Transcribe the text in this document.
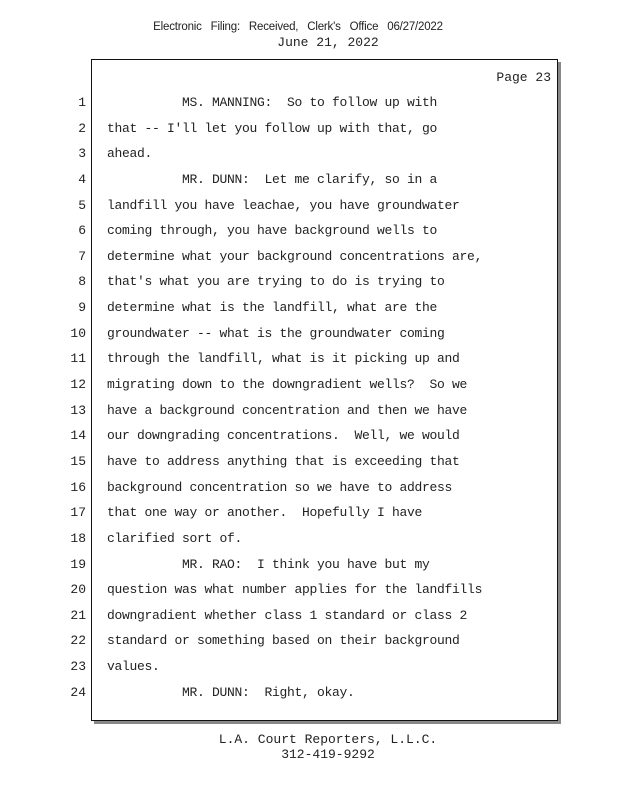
Electronic Filing: Received, Clerk's Office 06/27/2022
June 21, 2022
Page 23
1
2
3
4
5
6
7
8
9
10
11
12
13
14
15
16
17
18
19
20
21
22
23
24
MS. MANNING:  So to follow up with
that -- I'll let you follow up with that, go
ahead.
MR. DUNN:  Let me clarify, so in a
landfill you have leachae, you have groundwater
coming through, you have background wells to
determine what your background concentrations are,
that's what you are trying to do is trying to
determine what is the landfill, what are the
groundwater -- what is the groundwater coming
through the landfill, what is it picking up and
migrating down to the downgradient wells?  So we
have a background concentration and then we have
our downgrading concentrations.  Well, we would
have to address anything that is exceeding that
background concentration so we have to address
that one way or another.  Hopefully I have
clarified sort of.
MR. RAO:  I think you have but my
question was what number applies for the landfills
downgradient whether class 1 standard or class 2
standard or something based on their background
values.
MR. DUNN:  Right, okay.
L.A. Court Reporters, L.L.C.
312-419-9292
